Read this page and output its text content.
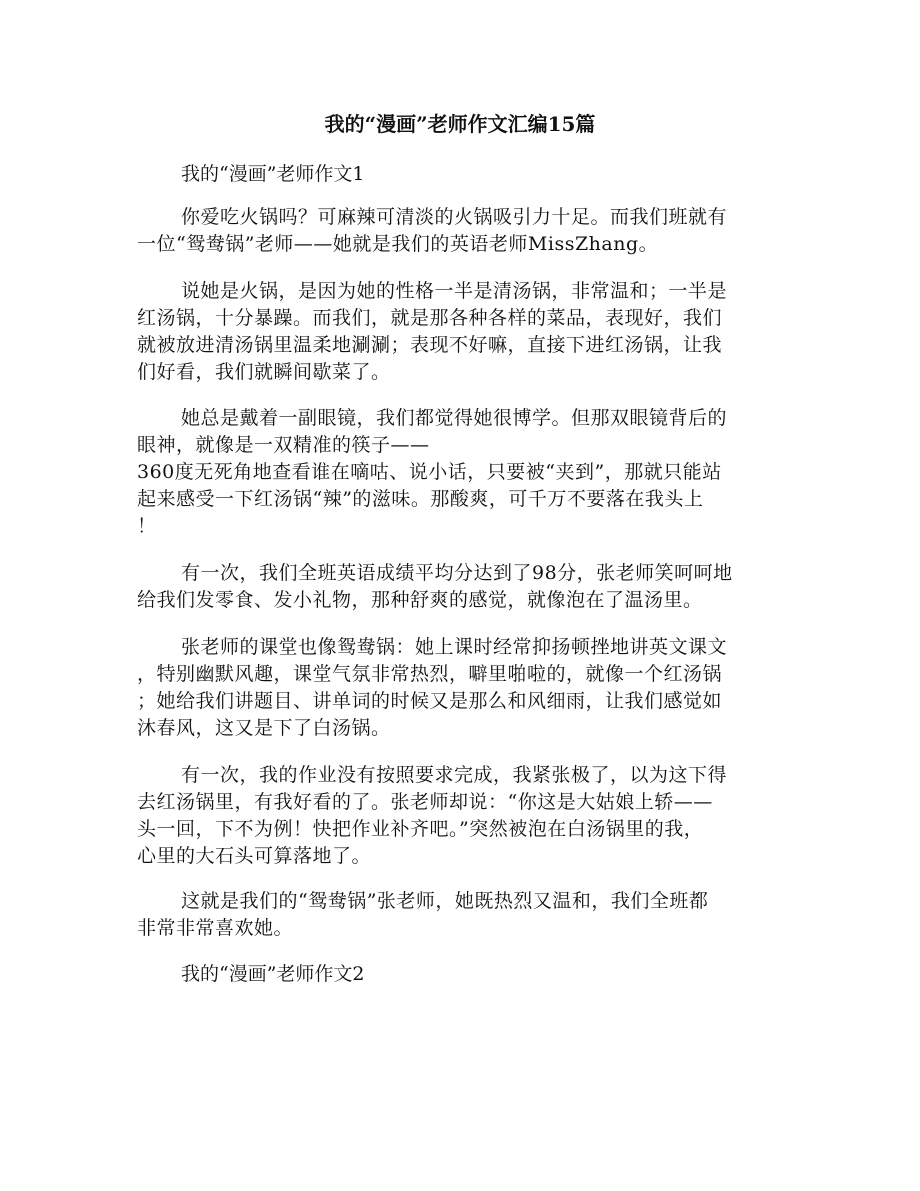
我的“漫画”老师作文汇编15篇

我的“漫画”老师作文1

你爱吃火锅吗？可麻辣可清淡的火锅吸引力十足。而我们班就有
一位“鸳鸯锅”老师——她就是我们的英语老师MissZhang。
说她是火锅，是因为她的性格一半是清汤锅，非常温和；一半是
红汤锅，十分暴躁。而我们，就是那各种各样的菜品，表现好，我们
就被放进清汤锅里温柔地涮涮；表现不好嘛，直接下进红汤锅，让我
们好看，我们就瞬间歇菜了。
她总是戴着一副眼镜，我们都觉得她很博学。但那双眼镜背后的
眼神，就像是一双精准的筷子——
360度无死角地查看谁在嘀咕、说小话，只要被“夹到”，那就只能站
起来感受一下红汤锅“辣”的滋味。那酸爽，可千万不要落在我头上
！
有一次，我们全班英语成绩平均分达到了98分，张老师笑呵呵地
给我们发零食、发小礼物，那种舒爽的感觉，就像泡在了温汤里。
张老师的课堂也像鸳鸯锅：她上课时经常抑扬顿挫地讲英文课文
，特别幽默风趣，课堂气氛非常热烈，噼里啪啦的，就像一个红汤锅
；她给我们讲题目、讲单词的时候又是那么和风细雨，让我们感觉如
沐春风，这又是下了白汤锅。
有一次，我的作业没有按照要求完成，我紧张极了，以为这下得
去红汤锅里，有我好看的了。张老师却说：“你这是大姑娘上轿——
头一回，下不为例！快把作业补齐吧。”突然被泡在白汤锅里的我，
心里的大石头可算落地了。
这就是我们的“鸳鸯锅”张老师，她既热烈又温和，我们全班都
非常非常喜欢她。

我的“漫画”老师作文2
